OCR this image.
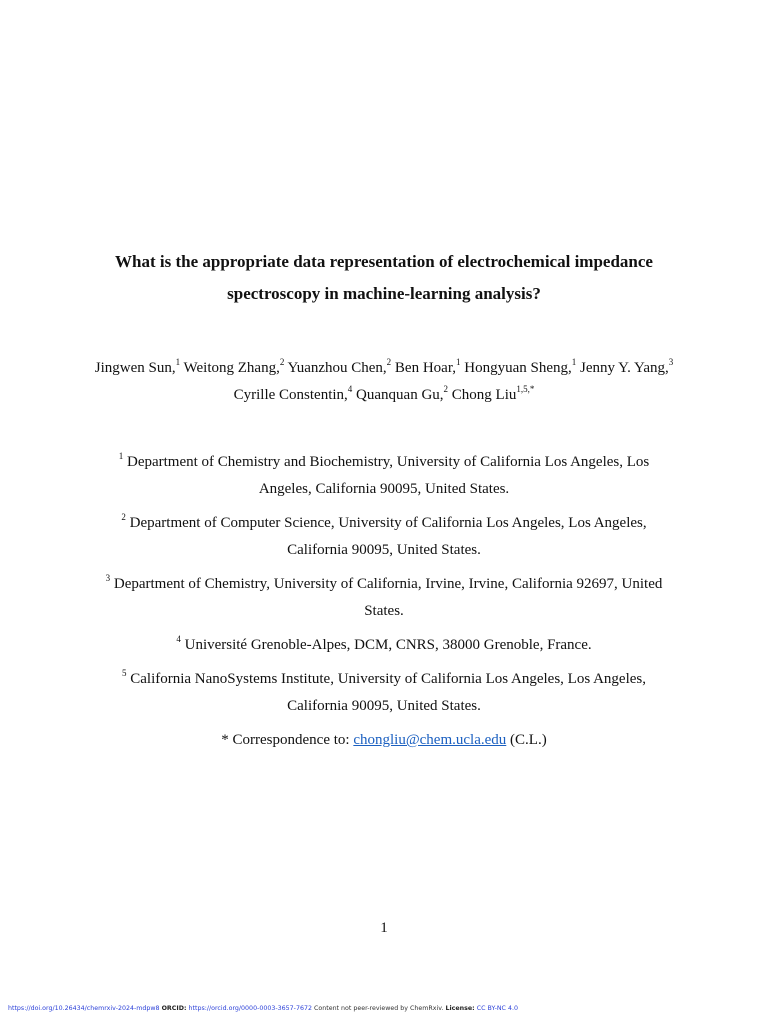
What is the appropriate data representation of electrochemical impedance
spectroscopy in machine-learning analysis?
Jingwen Sun,$^1$ Weitong Zhang,$^2$ Yuanzhou Chen,$^2$ Ben Hoar,$^1$ Hongyuan Sheng,$^1$ Jenny Y. Yang,$^3$
Cyrille Constentin,$^4$ Quanquan Gu,$^2$ Chong Liu$^{1,5,*}$

$^1$ Department of Chemistry and Biochemistry, University of California Los Angeles, Los
Angeles, California 90095, United States.

$^2$ Department of Computer Science, University of California Los Angeles, Los Angeles,
California 90095, United States.

$^3$ Department of Chemistry, University of California, Irvine, Irvine, California 92697, United
States.

$^4$ Université Grenoble-Alpes, DCM, CNRS, 38000 Grenoble, France.

$^5$ California NanoSystems Institute, University of California Los Angeles, Los Angeles,
California 90095, United States.

* Correspondence to: chongliu@chem.ucla.edu (C.L.)

1
https://doi.org/10.26434/chemrxiv-2024-mdpw8 ORCID: https://orcid.org/0000-0003-3657-7672 Content not peer-reviewed by ChemRxiv. License: CC BY-NC 4.0
